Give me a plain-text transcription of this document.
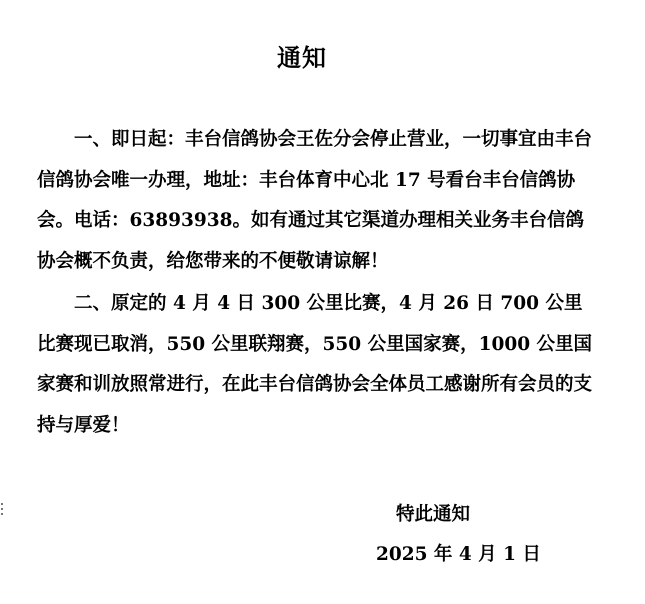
通知
一、即日起：丰台信鸽协会王佐分会停止营业，一切事宜由丰台信鸽协会唯一办理，地址：丰台体育中心北 17 号看台丰台信鸽协会。电话：63893938。如有通过其它渠道办理相关业务丰台信鸽协会概不负责，给您带来的不便敬请谅解！
二、原定的 4 月 4 日 300 公里比赛，4 月 26 日 700 公里比赛现已取消，550 公里联翔赛，550 公里国家赛，1000 公里国家赛和训放照常进行，在此丰台信鸽协会全体员工感谢所有会员的支持与厚爱！
特此通知
2025 年 4 月 1 日
